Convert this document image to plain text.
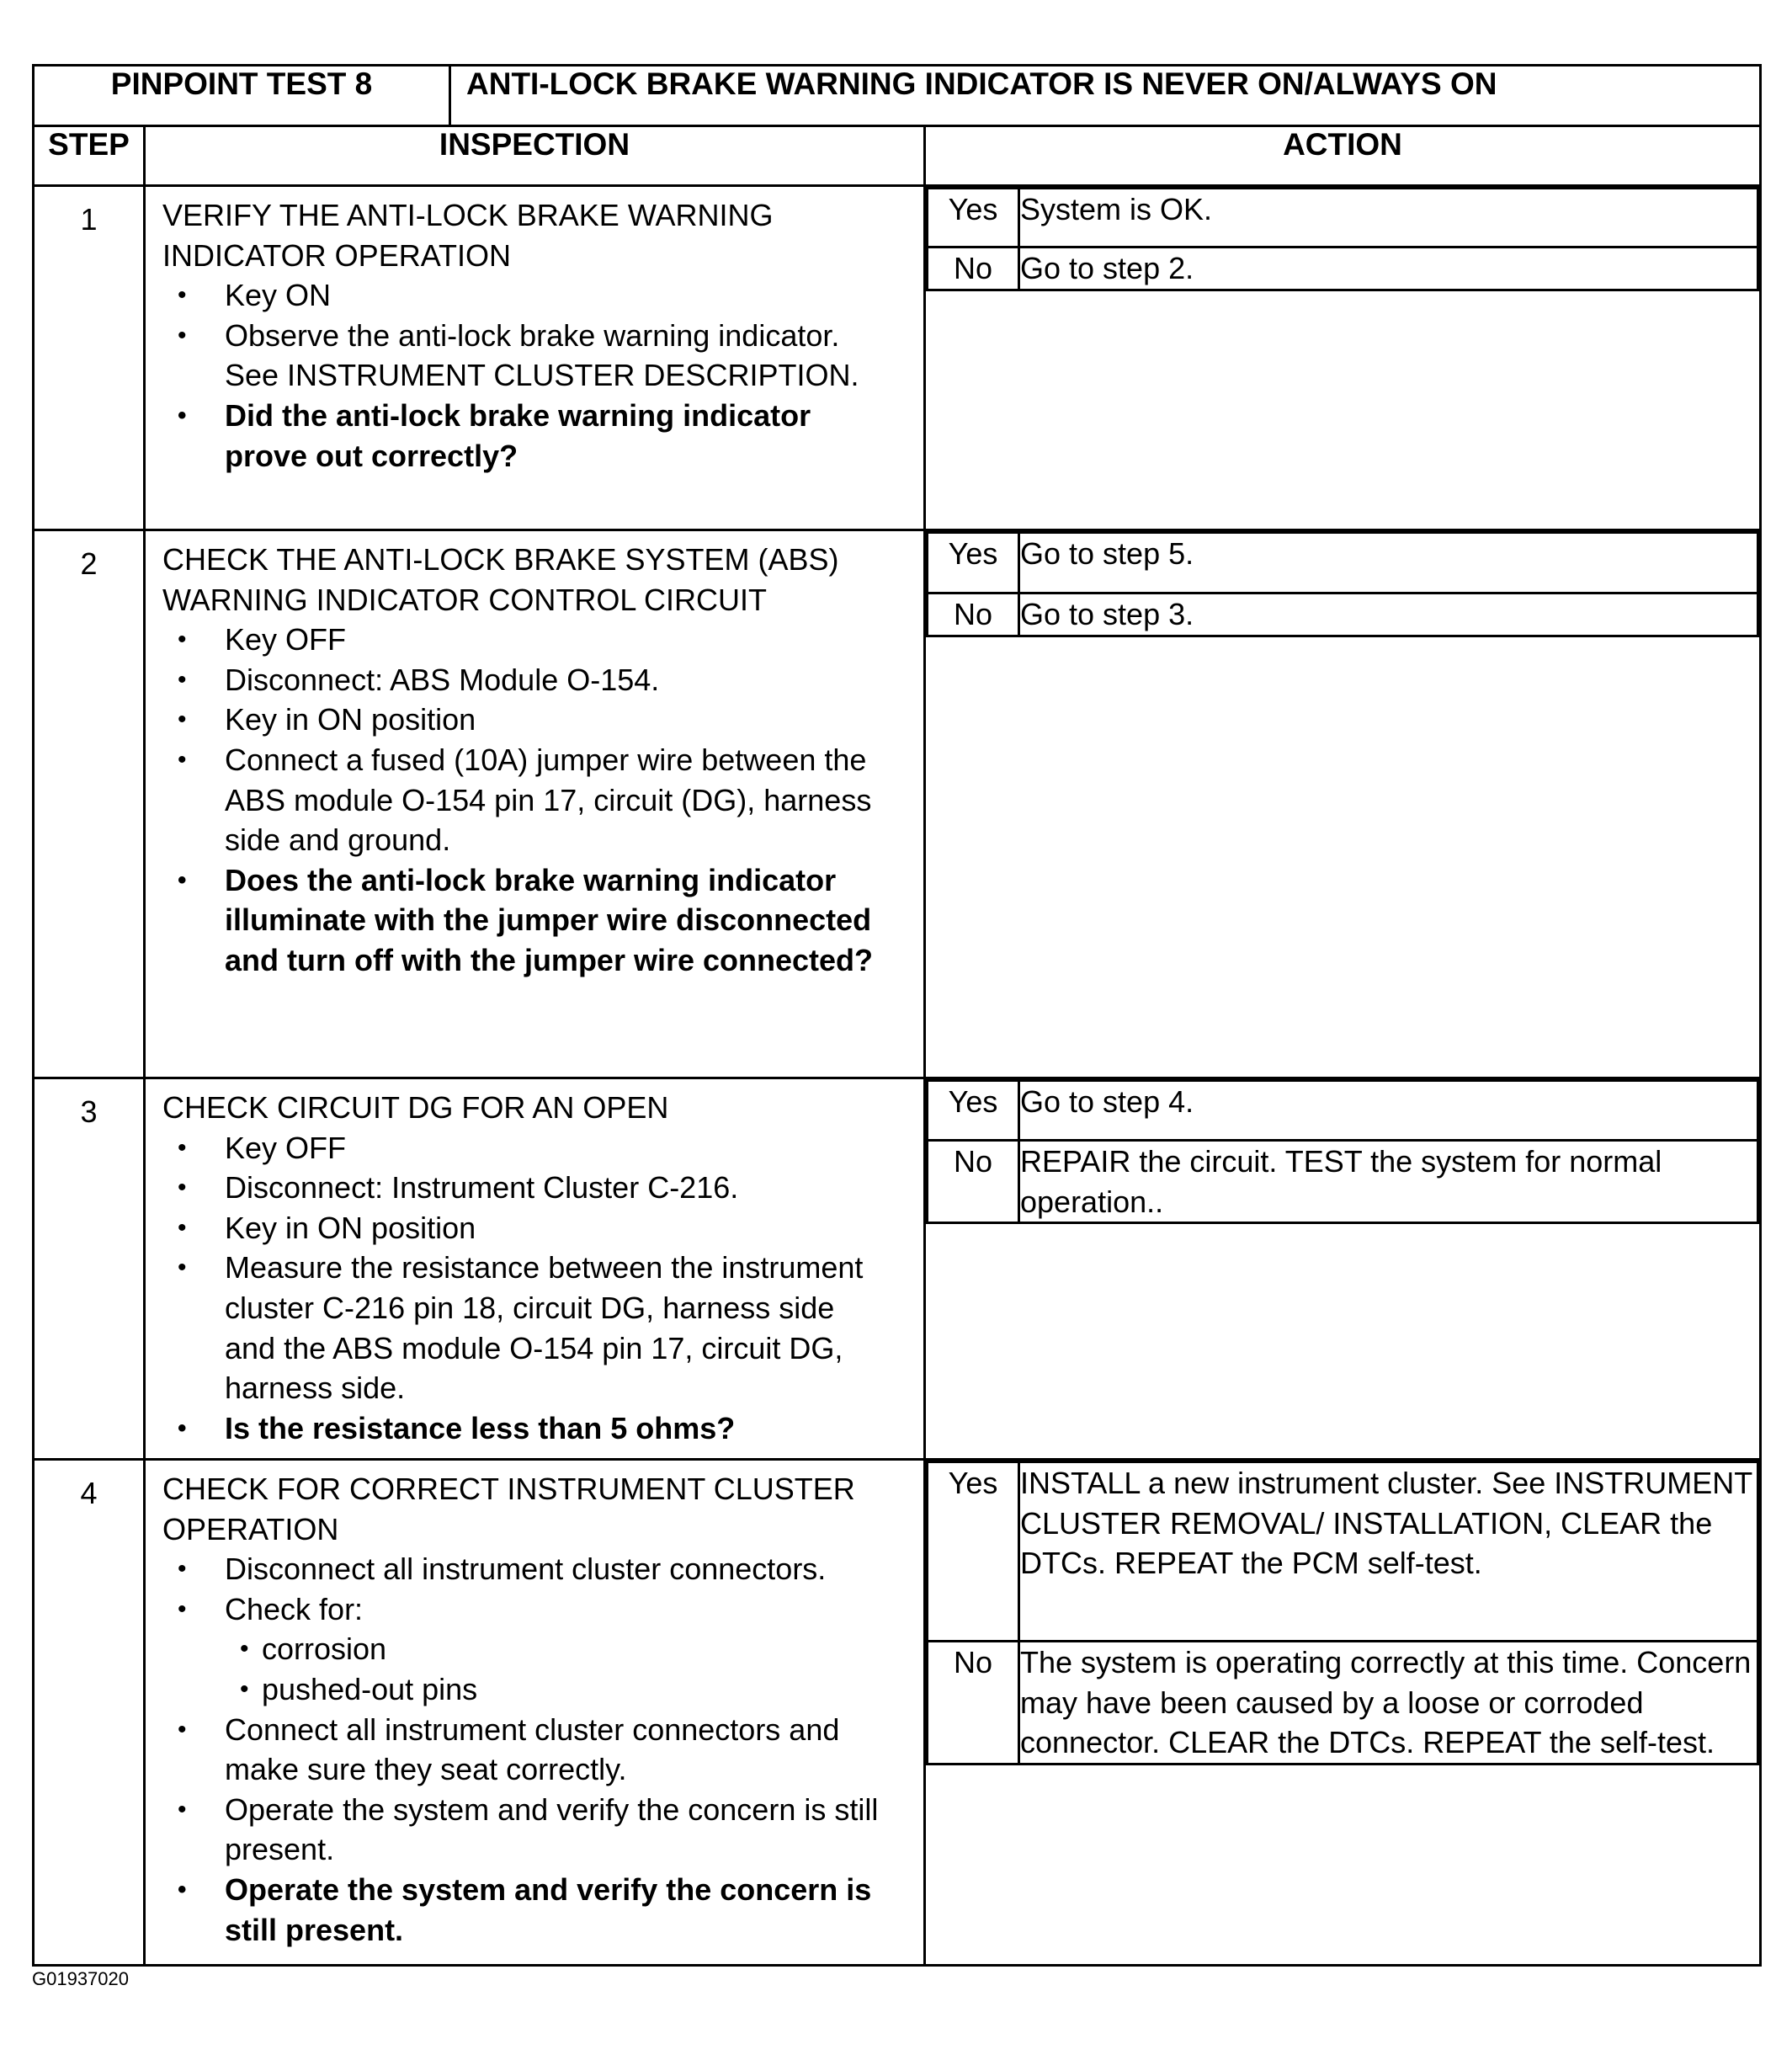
PINPOINT TEST 8	ANTI-LOCK BRAKE WARNING INDICATOR IS NEVER ON/ALWAYS ON
STEP	INSPECTION	ACTION
1	VERIFY THE ANTI-LOCK BRAKE WARNING INDICATOR OPERATION
• Key ON
• Observe the anti-lock brake warning indicator. See INSTRUMENT CLUSTER DESCRIPTION.
• Did the anti-lock brake warning indicator prove out correctly?

Yes	System is OK.
No	Go to step 2.

2	CHECK THE ANTI-LOCK BRAKE SYSTEM (ABS) WARNING INDICATOR CONTROL CIRCUIT
• Key OFF
• Disconnect: ABS Module O-154.
• Key in ON position
• Connect a fused (10A) jumper wire between the ABS module O-154 pin 17, circuit (DG), harness side and ground.
• Does the anti-lock brake warning indicator illuminate with the jumper wire disconnected and turn off with the jumper wire connected?

Yes	Go to step 5.
No	Go to step 3.

3	CHECK CIRCUIT DG FOR AN OPEN
• Key OFF
• Disconnect: Instrument Cluster C-216.
• Key in ON position
• Measure the resistance between the instrument cluster C-216 pin 18, circuit DG, harness side and the ABS module O-154 pin 17, circuit DG, harness side.
• Is the resistance less than 5 ohms?

Yes	Go to step 4.
No	REPAIR the circuit. TEST the system for normal operation..

4	CHECK FOR CORRECT INSTRUMENT CLUSTER OPERATION
• Disconnect all instrument cluster connectors.
• Check for:
• corrosion
• pushed-out pins
• Connect all instrument cluster connectors and make sure they seat correctly.
• Operate the system and verify the concern is still present.
• Operate the system and verify the concern is still present.

Yes	INSTALL a new instrument cluster. See INSTRUMENT CLUSTER REMOVAL/ INSTALLATION, CLEAR the DTCs. REPEAT the PCM self-test.
No	The system is operating correctly at this time. Concern may have been caused by a loose or corroded connector. CLEAR the DTCs. REPEAT the self-test.
G01937020
